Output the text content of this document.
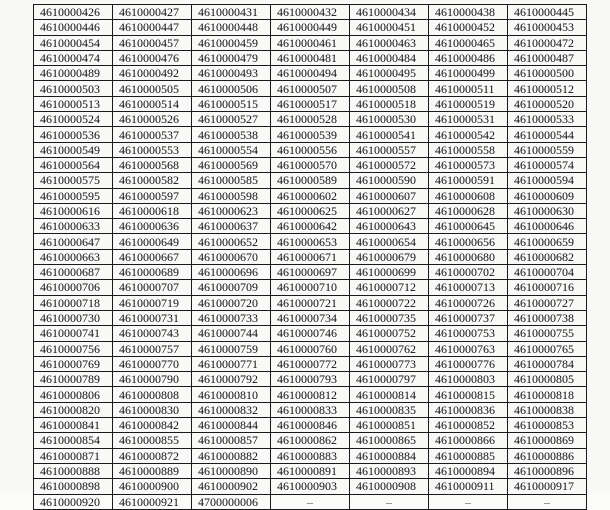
4610000426	4610000427	4610000431	4610000432	4610000434	4610000438	4610000445
4610000446	4610000447	4610000448	4610000449	4610000451	4610000452	4610000453
4610000454	4610000457	4610000459	4610000461	4610000463	4610000465	4610000472
4610000474	4610000476	4610000479	4610000481	4610000484	4610000486	4610000487
4610000489	4610000492	4610000493	4610000494	4610000495	4610000499	4610000500
4610000503	4610000505	4610000506	4610000507	4610000508	4610000511	4610000512
4610000513	4610000514	4610000515	4610000517	4610000518	4610000519	4610000520
4610000524	4610000526	4610000527	4610000528	4610000530	4610000531	4610000533
4610000536	4610000537	4610000538	4610000539	4610000541	4610000542	4610000544
4610000549	4610000553	4610000554	4610000556	4610000557	4610000558	4610000559
4610000564	4610000568	4610000569	4610000570	4610000572	4610000573	4610000574
4610000575	4610000582	4610000585	4610000589	4610000590	4610000591	4610000594
4610000595	4610000597	4610000598	4610000602	4610000607	4610000608	4610000609
4610000616	4610000618	4610000623	4610000625	4610000627	4610000628	4610000630
4610000633	4610000636	4610000637	4610000642	4610000643	4610000645	4610000646
4610000647	4610000649	4610000652	4610000653	4610000654	4610000656	4610000659
4610000663	4610000667	4610000670	4610000671	4610000679	4610000680	4610000682
4610000687	4610000689	4610000696	4610000697	4610000699	4610000702	4610000704
4610000706	4610000707	4610000709	4610000710	4610000712	4610000713	4610000716
4610000718	4610000719	4610000720	4610000721	4610000722	4610000726	4610000727
4610000730	4610000731	4610000733	4610000734	4610000735	4610000737	4610000738
4610000741	4610000743	4610000744	4610000746	4610000752	4610000753	4610000755
4610000756	4610000757	4610000759	4610000760	4610000762	4610000763	4610000765
4610000769	4610000770	4610000771	4610000772	4610000773	4610000776	4610000784
4610000789	4610000790	4610000792	4610000793	4610000797	4610000803	4610000805
4610000806	4610000808	4610000810	4610000812	4610000814	4610000815	4610000818
4610000820	4610000830	4610000832	4610000833	4610000835	4610000836	4610000838
4610000841	4610000842	4610000844	4610000846	4610000851	4610000852	4610000853
4610000854	4610000855	4610000857	4610000862	4610000865	4610000866	4610000869
4610000871	4610000872	4610000882	4610000883	4610000884	4610000885	4610000886
4610000888	4610000889	4610000890	4610000891	4610000893	4610000894	4610000896
4610000898	4610000900	4610000902	4610000903	4610000908	4610000911	4610000917
4610000920	4610000921	4700000006	–	–	–	–
